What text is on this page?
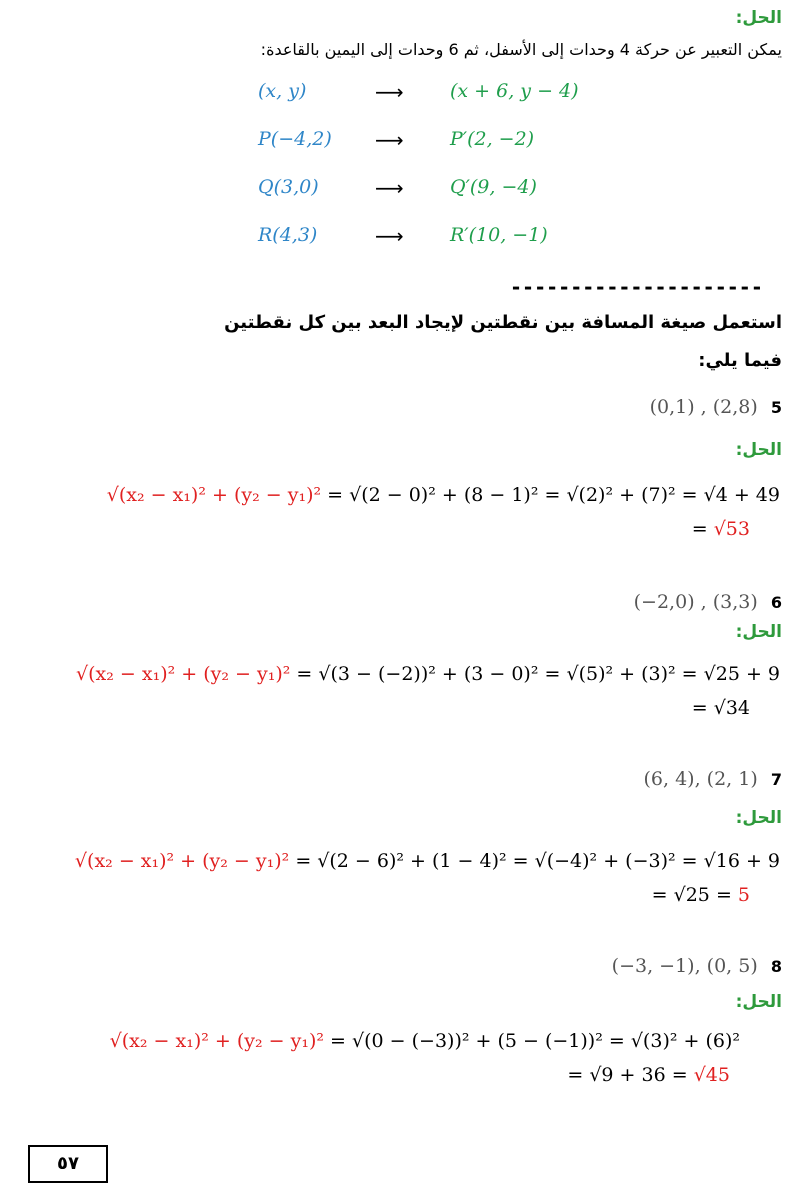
الحل:
يمكن التعبير عن حركة 4 وحدات إلى الأسفل، ثم 6 وحدات إلى اليمين بالقاعدة:
(x, y)	⟶ (x + 6, y − 4)
P(−4,2) ⟶ P′(2, −2)
Q(3,0)	⟶ Q′(9, −4)
R(4,3)	⟶ R′(10, −1)
---------------------
استعمل صيغة المسافة بين نقطتين لإيجاد البعد بين كل نقطتين
فيما يلي:
(0,1) , (2,8) 5
الحل:
√(x₂ − x₁)² + (y₂ − y₁)² = √(2 − 0)² + (8 − 1)² = √(2)² + (7)² = √4 + 49
= √53
(−2,0) , (3,3) 6
الحل:
√(x₂ − x₁)² + (y₂ − y₁)² = √(3 − (−2))² + (3 − 0)² = √(5)² + (3)² = √25 + 9
= √34
(6, 4), (2, 1) 7
الحل:
√(x₂ − x₁)² + (y₂ − y₁)² = √(2 − 6)² + (1 − 4)² = √(−4)² + (−3)² = √16 + 9
= √25 = 5
(−3, −1), (0, 5) 8
الحل:
√(x₂ − x₁)² + (y₂ − y₁)² = √(0 − (−3))² + (5 − (−1))² = √(3)² + (6)²
= √9 + 36 = √45
٥٧
